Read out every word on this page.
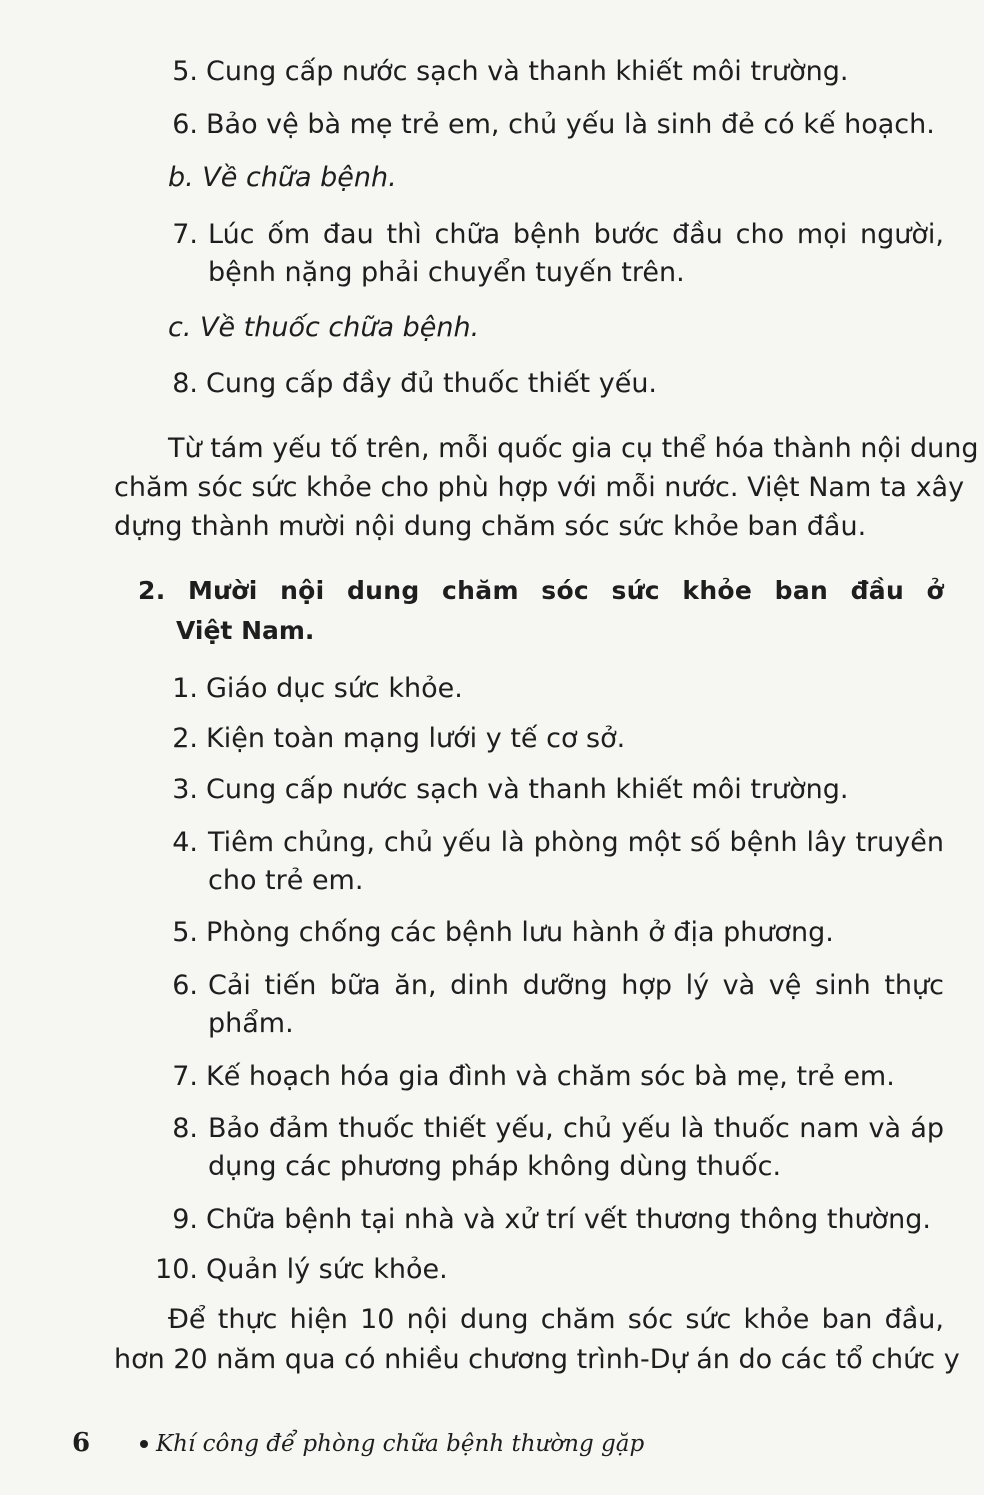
5. Cung cấp nước sạch và thanh khiết môi trường.
6. Bảo vệ bà mẹ trẻ em, chủ yếu là sinh đẻ có kế hoạch.
b. Về chữa bệnh.
7. Lúc ốm đau thì chữa bệnh bước đầu cho mọi người,
bệnh nặng phải chuyển tuyến trên.
c. Về thuốc chữa bệnh.
8. Cung cấp đầy đủ thuốc thiết yếu.
Từ tám yếu tố trên, mỗi quốc gia cụ thể hóa thành nội dung
chăm sóc sức khỏe cho phù hợp với mỗi nước. Việt Nam ta xây
dựng thành mười nội dung chăm sóc sức khỏe ban đầu.
2. Mười nội dung chăm sóc sức khỏe ban đầu ở
Việt Nam.
1. Giáo dục sức khỏe.
2. Kiện toàn mạng lưới y tế cơ sở.
3. Cung cấp nước sạch và thanh khiết môi trường.
4. Tiêm chủng, chủ yếu là phòng một số bệnh lây truyền
cho trẻ em.
5. Phòng chống các bệnh lưu hành ở địa phương.
6. Cải tiến bữa ăn, dinh dưỡng hợp lý và vệ sinh thực
phẩm.
7. Kế hoạch hóa gia đình và chăm sóc bà mẹ, trẻ em.
8. Bảo đảm thuốc thiết yếu, chủ yếu là thuốc nam và áp
dụng các phương pháp không dùng thuốc.
9. Chữa bệnh tại nhà và xử trí vết thương thông thường.
10. Quản lý sức khỏe.
Để thực hiện 10 nội dung chăm sóc sức khỏe ban đầu,
hơn 20 năm qua có nhiều chương trình-Dự án do các tổ chức y
6	Khí công để phòng chữa bệnh thường gặp
